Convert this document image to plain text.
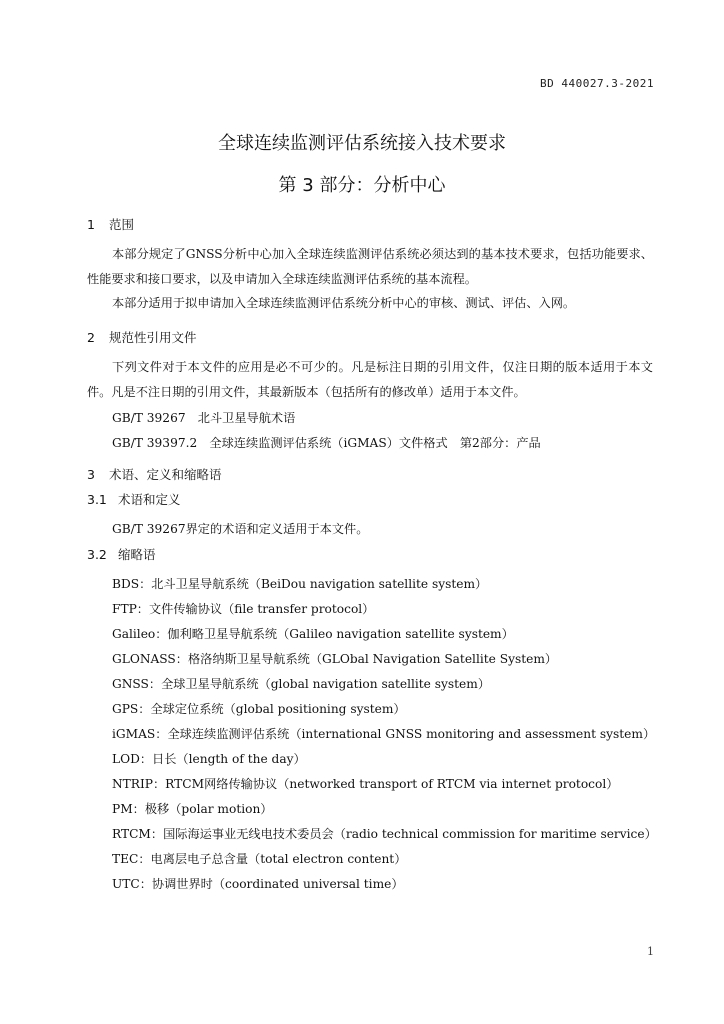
BD 440027.3-2021
全球连续监测评估系统接入技术要求
第 3 部分：分析中心
1 范围
本部分规定了GNSS分析中心加入全球连续监测评估系统必须达到的基本技术要求，包括功能要求、性能要求和接口要求，以及申请加入全球连续监测评估系统的基本流程。
本部分适用于拟申请加入全球连续监测评估系统分析中心的审核、测试、评估、入网。
2 规范性引用文件
下列文件对于本文件的应用是必不可少的。凡是标注日期的引用文件，仅注日期的版本适用于本文件。凡是不注日期的引用文件，其最新版本（包括所有的修改单）适用于本文件。
GB/T 39267　北斗卫星导航术语
GB/T 39397.2　全球连续监测评估系统（iGMAS）文件格式　第2部分：产品
3 术语、定义和缩略语
3.1 术语和定义
GB/T 39267界定的术语和定义适用于本文件。
3.2 缩略语
BDS：北斗卫星导航系统（BeiDou navigation satellite system）
FTP：文件传输协议（file transfer protocol）
Galileo：伽利略卫星导航系统（Galileo navigation satellite system）
GLONASS：格洛纳斯卫星导航系统（GLObal Navigation Satellite System）
GNSS：全球卫星导航系统（global navigation satellite system）
GPS：全球定位系统（global positioning system）
iGMAS：全球连续监测评估系统（international GNSS monitoring and assessment system）
LOD：日长（length of the day）
NTRIP：RTCM网络传输协议（networked transport of RTCM via internet protocol）
PM：极移（polar motion）
RTCM：国际海运事业无线电技术委员会（radio technical commission for maritime service）
TEC：电离层电子总含量（total electron content）
UTC：协调世界时（coordinated universal time）
1
